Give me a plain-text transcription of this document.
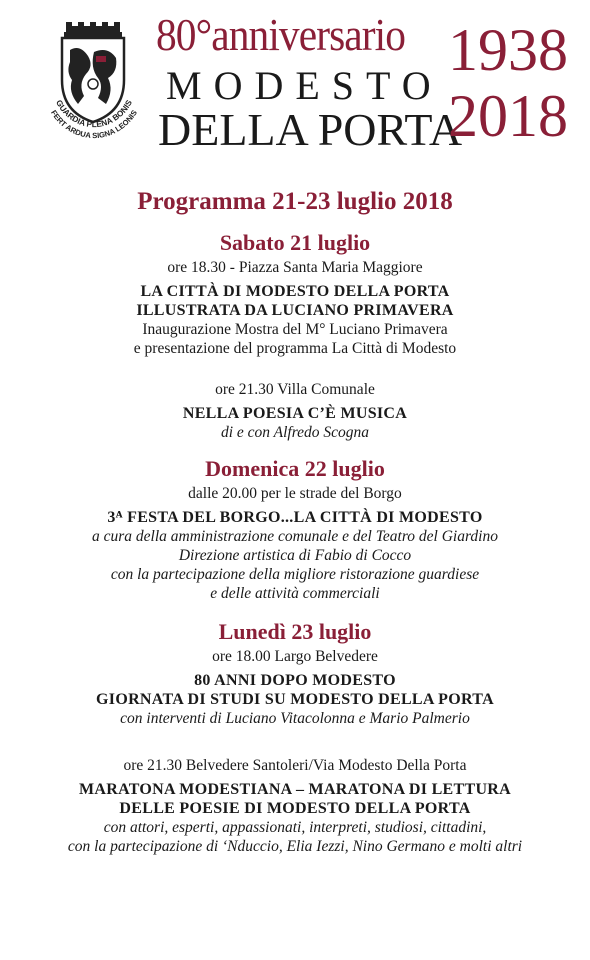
GUARDIA PLENA BONIS
FERT ARDUA SIGNA LEONIS
80°anniversario
MODESTO
DELLA PORTA
1938
2018

Programma 21-23 luglio 2018

Sabato 21 luglio

ore 18.30 - Piazza Santa Maria Maggiore

LA CITTÀ DI MODESTO DELLA PORTA

ILLUSTRATA DA LUCIANO PRIMAVERA

Inaugurazione Mostra del M° Luciano Primavera

e presentazione del programma La Città di Modesto

ore 21.30 Villa Comunale

NELLA POESIA C’È MUSICA

di e con Alfredo Scogna

Domenica 22 luglio

dalle 20.00 per le strade del Borgo

3ᴬ FESTA DEL BORGO...LA CITTÀ DI MODESTO

a cura della amministrazione comunale e del Teatro del Giardino

Direzione artistica di Fabio di Cocco

con la partecipazione della migliore ristorazione guardiese

e delle attività commerciali

Lunedì 23 luglio

ore 18.00 Largo Belvedere

80 ANNI DOPO MODESTO

GIORNATA DI STUDI SU MODESTO DELLA PORTA

con interventi di Luciano Vitacolonna e Mario Palmerio

ore 21.30 Belvedere Santoleri/Via Modesto Della Porta

MARATONA MODESTIANA – MARATONA DI LETTURA

DELLE POESIE DI MODESTO DELLA PORTA

con attori, esperti, appassionati, interpreti, studiosi, cittadini,

con la partecipazione di ‘Nduccio, Elia Iezzi, Nino Germano e molti altri
